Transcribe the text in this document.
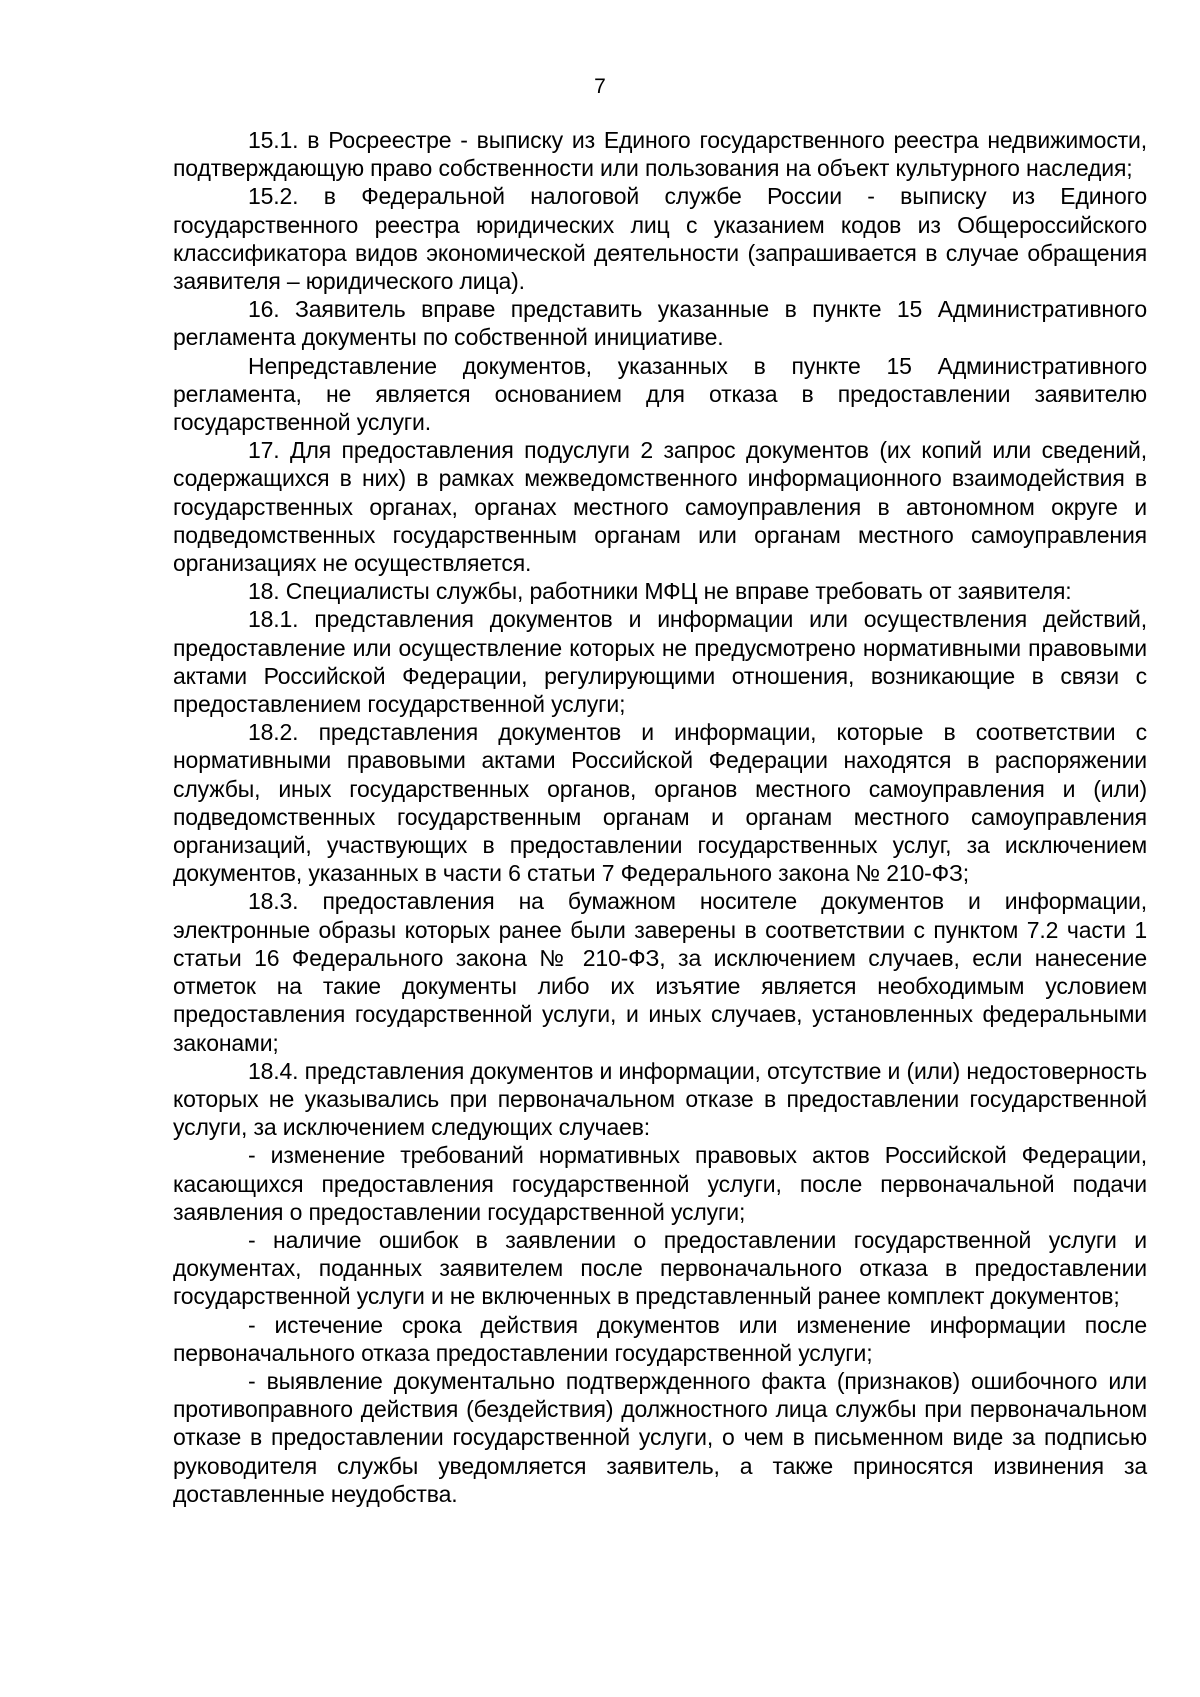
7

15.1. в Росреестре - выписку из Единого государственного реестра недвижимости, подтверждающую право собственности или пользования на объект культурного наследия;

15.2. в Федеральной налоговой службе России - выписку из Единого государственного реестра юридических лиц с указанием кодов из Общероссийского классификатора видов экономической деятельности (запрашивается в случае обращения заявителя – юридического лица).

16. Заявитель вправе представить указанные в пункте 15 Административного регламента документы по собственной инициативе.

Непредставление документов, указанных в пункте 15 Административного регламента, не является основанием для отказа в предоставлении заявителю государственной услуги.

17. Для предоставления подуслуги 2 запрос документов (их копий или сведений, содержащихся в них) в рамках межведомственного информационного взаимодействия в государственных органах, органах местного самоуправления в автономном округе и подведомственных государственным органам или органам местного самоуправления организациях не осуществляется.

18. Специалисты службы, работники МФЦ не вправе требовать от заявителя:

18.1. представления документов и информации или осуществления действий, предоставление или осуществление которых не предусмотрено нормативными правовыми актами Российской Федерации, регулирующими отношения, возникающие в связи с предоставлением государственной услуги;

18.2. представления документов и информации, которые в соответствии с нормативными правовыми актами Российской Федерации находятся в распоряжении службы, иных государственных органов, органов местного самоуправления и (или) подведомственных государственным органам и органам местного самоуправления организаций, участвующих в предоставлении государственных услуг, за исключением документов, указанных в части 6 статьи 7 Федерального закона № 210-ФЗ;

18.3. предоставления на бумажном носителе документов и информации, электронные образы которых ранее были заверены в соответствии с пунктом 7.2 части 1 статьи 16 Федерального закона № 210-ФЗ, за исключением случаев, если нанесение отметок на такие документы либо их изъятие является необходимым условием предоставления государственной услуги, и иных случаев, установленных федеральными законами;

18.4. представления документов и информации, отсутствие и (или) недостоверность которых не указывались при первоначальном отказе в предоставлении государственной услуги, за исключением следующих случаев:

- изменение требований нормативных правовых актов Российской Федерации, касающихся предоставления государственной услуги, после первоначальной подачи заявления о предоставлении государственной услуги;

- наличие ошибок в заявлении о предоставлении государственной услуги и документах, поданных заявителем после первоначального отказа в предоставлении государственной услуги и не включенных в представленный ранее комплект документов;

- истечение срока действия документов или изменение информации после первоначального отказа предоставлении государственной услуги;

- выявление документально подтвержденного факта (признаков) ошибочного или противоправного действия (бездействия) должностного лица службы при первоначальном отказе в предоставлении государственной услуги, о чем в письменном виде за подписью руководителя службы уведомляется заявитель, а также приносятся извинения за доставленные неудобства.
